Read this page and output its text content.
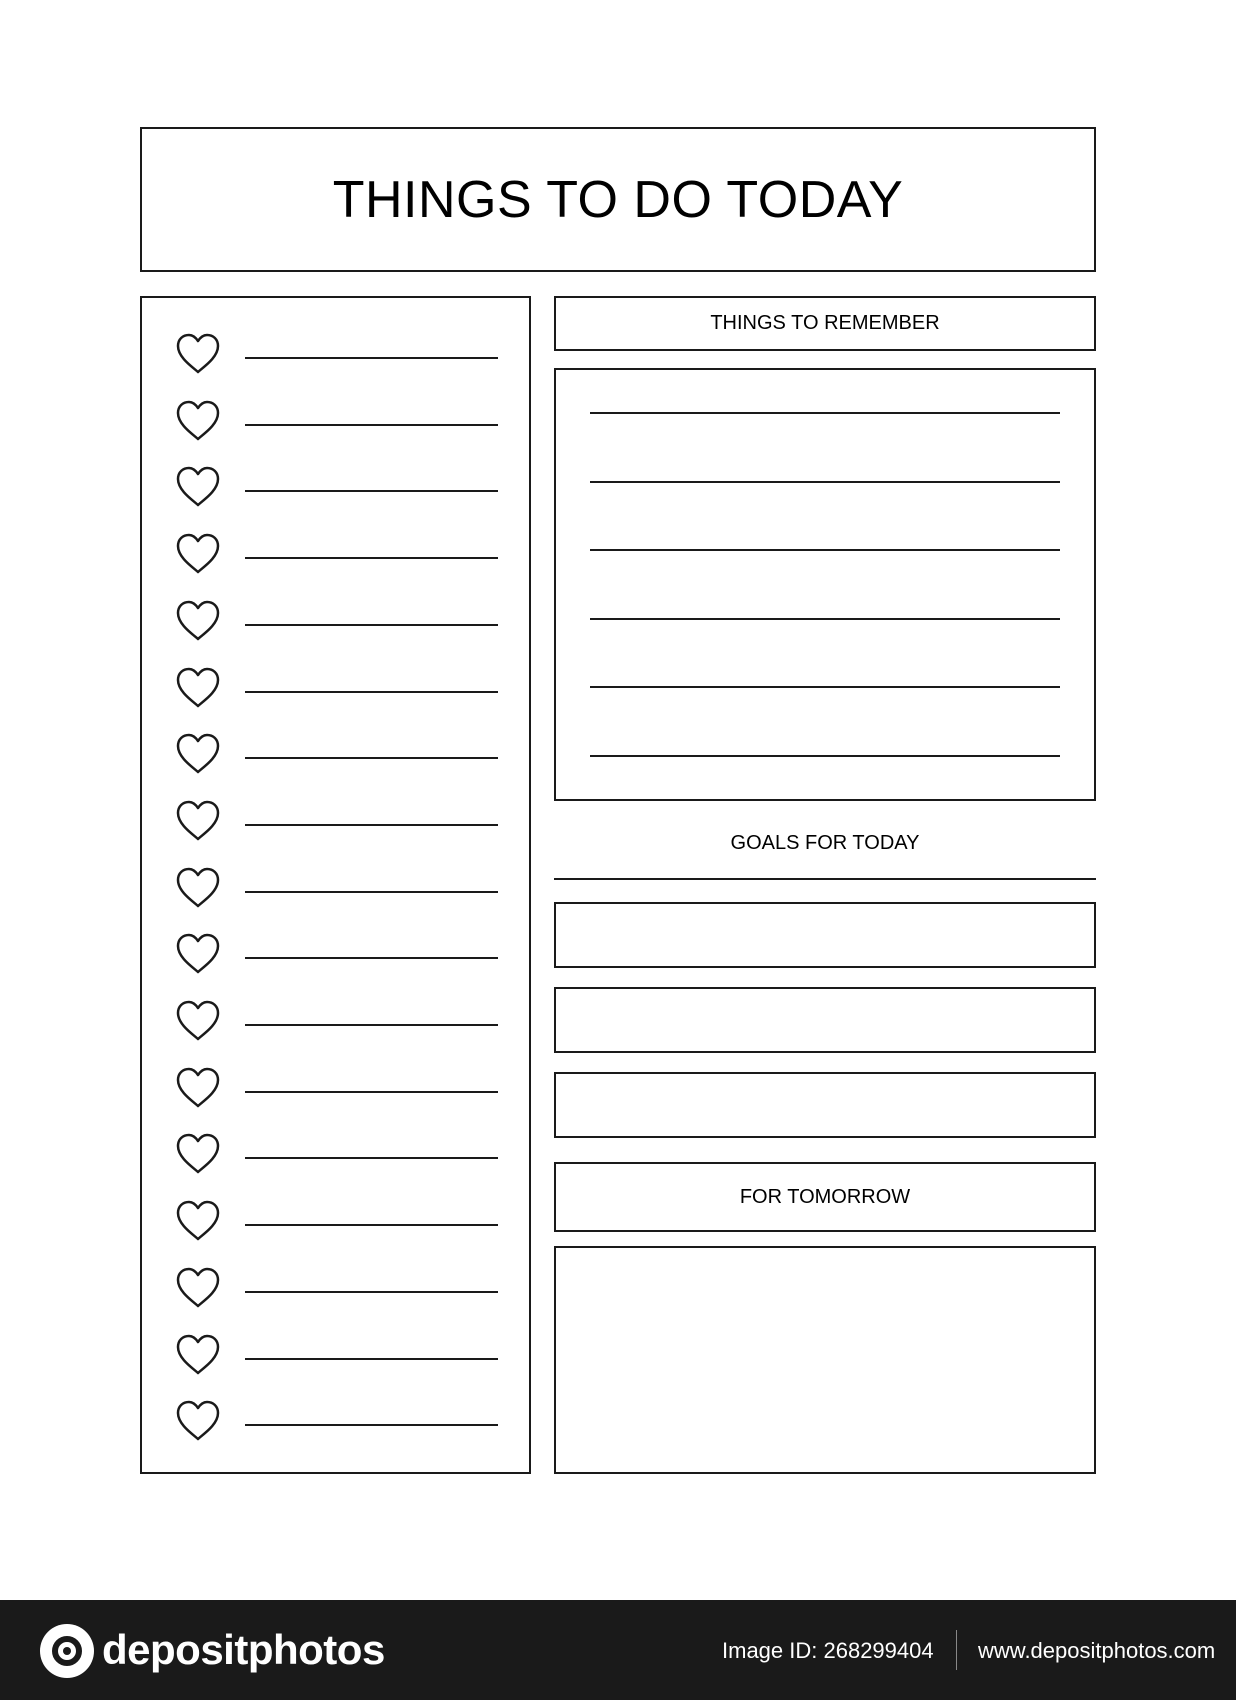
THINGS TO DO TODAY
THINGS TO REMEMBER
GOALS FOR TODAY
FOR TOMORROW
depositphotos	Image ID: 268299404 www.depositphotos.com
